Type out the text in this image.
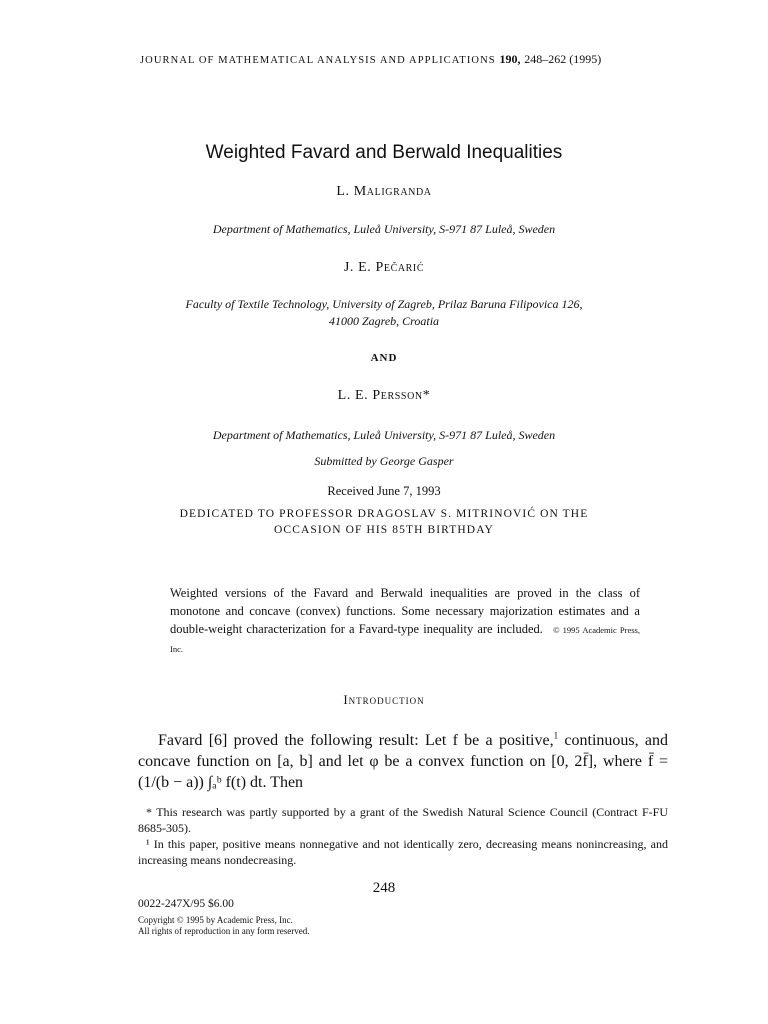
JOURNAL OF MATHEMATICAL ANALYSIS AND APPLICATIONS 190, 248–262 (1995)
Weighted Favard and Berwald Inequalities
L. Maligranda
Department of Mathematics, Luleå University, S-971 87 Luleå, Sweden
J. E. Pečarić
Faculty of Textile Technology, University of Zagreb, Prilaz Baruna Filipovica 126,
41000 Zagreb, Croatia
AND
L. E. Persson*
Department of Mathematics, Luleå University, S-971 87 Luleå, Sweden
Submitted by George Gasper
Received June 7, 1993
DEDICATED TO PROFESSOR DRAGOSLAV S. MITRINOVIĆ ON THE
OCCASION OF HIS 85TH BIRTHDAY
Weighted versions of the Favard and Berwald inequalities are proved in the class of monotone and concave (convex) functions. Some necessary majorization estimates and a double-weight characterization for a Favard-type inequality are included. © 1995 Academic Press, Inc.
Introduction
Favard [6] proved the following result: Let f be a positive,$^1$ continuous, and concave function on [a, b] and let φ be a convex function on [0, 2f̄], where f̄ = (1/(b − a)) ∫ₐᵇ f(t) dt. Then

* This research was partly supported by a grant of the Swedish Natural Science Council (Contract F-FU 8685-305).

¹ In this paper, positive means nonnegative and not identically zero, decreasing means nonincreasing, and increasing means nondecreasing.

248
0022-247X/95 $6.00
Copyright © 1995 by Academic Press, Inc.
All rights of reproduction in any form reserved.
